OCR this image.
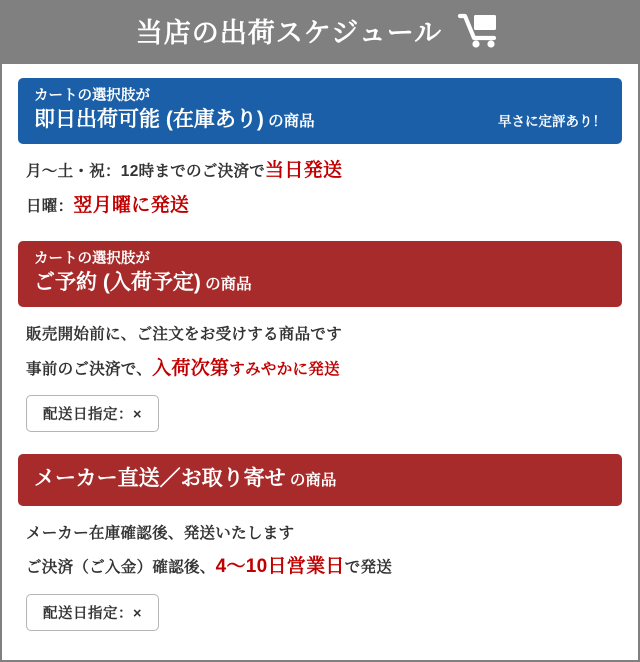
当店の出荷スケジュール
カートの選択肢が
即日出荷可能 (在庫あり) の商品	早さに定評あり！
月～土・祝：12時までのご決済で当日発送
日曜：翌月曜に発送
カートの選択肢が
ご予約 (入荷予定) の商品
販売開始前に、ご注文をお受けする商品です
事前のご決済で、入荷次第すみやかに発送
配送日指定：×
メーカー直送／お取り寄せ の商品
メーカー在庫確認後、発送いたします
ご決済（ご入金）確認後、4～10日営業日で発送
配送日指定：×
